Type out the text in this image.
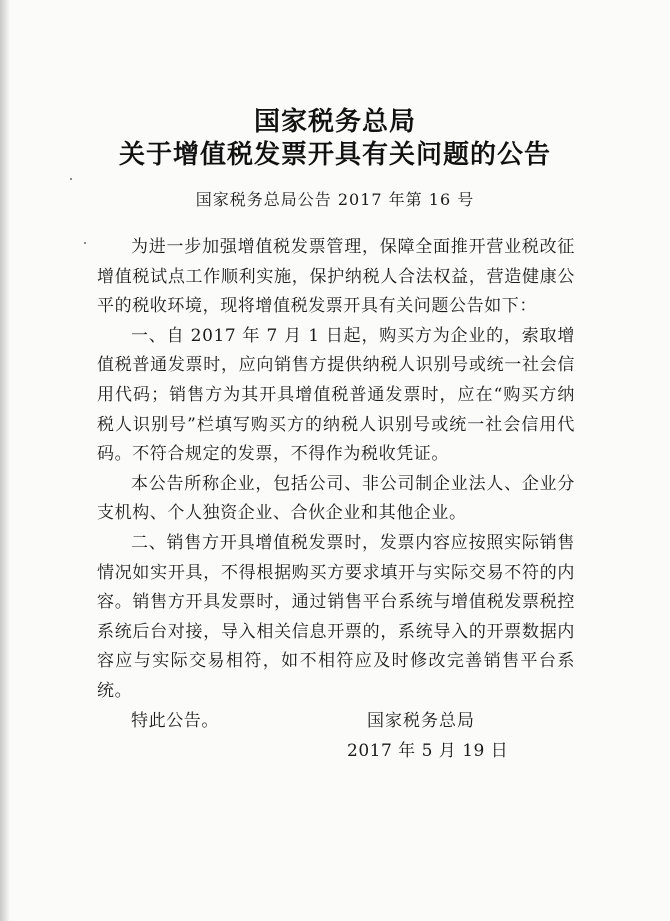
国家税务总局
关于增值税发票开具有关问题的公告
国家税务总局公告 2017 年第 16 号

为进一步加强增值税发票管理，保障全面推开营业税改征增值税试点工作顺利实施，保护纳税人合法权益，营造健康公平的税收环境，现将增值税发票开具有关问题公告如下：

一、自 2017 年 7 月 1 日起，购买方为企业的，索取增值税普通发票时，应向销售方提供纳税人识别号或统一社会信用代码；销售方为其开具增值税普通发票时，应在“购买方纳税人识别号”栏填写购买方的纳税人识别号或统一社会信用代码。不符合规定的发票，不得作为税收凭证。

本公告所称企业，包括公司、非公司制企业法人、企业分支机构、个人独资企业、合伙企业和其他企业。

二、销售方开具增值税发票时，发票内容应按照实际销售情况如实开具，不得根据购买方要求填开与实际交易不符的内容。销售方开具发票时，通过销售平台系统与增值税发票税控系统后台对接，导入相关信息开票的，系统导入的开票数据内容应与实际交易相符，如不相符应及时修改完善销售平台系统。

特此公告。	国家税务总局
2017 年 5 月 19 日
